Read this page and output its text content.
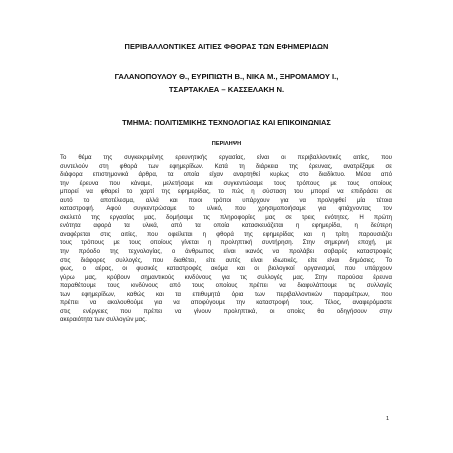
ΠΕΡΙΒΑΛΛΟΝΤΙΚΕΣ ΑΙΤΙΕΣ ΦΘΟΡΑΣ ΤΩΝ ΕΦΗΜΕΡΙΔΩΝ
ΓΑΛΑΝΟΠΟΥΛΟΥ Θ., ΕΥΡΙΠΙΩΤΗ Β., ΝΙΚΑ Μ., ΞΗΡΟΜΑΜΟΥ Ι.,
ΤΣΑΡΤΑΚΛΕΑ – ΚΑΣΣΕΛΑΚΗ Ν.
ΤΜΗΜΑ: ΠΟΛΙΤΙΣΜΙΚΗΣ ΤΕΧΝΟΛΟΓΙΑΣ ΚΑΙ ΕΠΙΚΟΙΝΩΝΙΑΣ
ΠΕΡΙΛΗΨΗ
Το θέμα της συγκεκριμένης ερευνητικής εργασίας, είναι οι περιβαλλοντικές αιτίες, που
συντελούν στη φθορά των εφημερίδων. Κατά τη διάρκεια της έρευνας, ανατρέξαμε σε
διάφορα επιστημονικά άρθρα, τα οποία είχαν αναρτηθεί κυρίως στο διαδίκτυο. Μέσα από
την έρευνα που κάναμε, μελετήσαμε και συγκεντώσαμε τους τρόπους με τους οποίους
μπορεί να φθαρεί το χαρτί της εφημερίδας, το πώς η σύσταση του μπορεί να επιδράσει σε
αυτό το αποτέλεσμα, αλλά και ποιοι τρόποι υπάρχουν για να προληφθεί μία τέτοια
καταστροφή. Αφού συγκεντρώσαμε το υλικό, που χρησιμοποιήσαμε για φτιάχνοντας τον
σκελετό της εργασίας μας, δομήσαμε τις πληροφορίες μας σε τρεις ενότητες. Η πρώτη
ενότητα αφορά τα υλικά, από τα οποία κατασκευάζεται η εφημερίδα, η δεύτερη
αναφέρεται στις αιτίες, που οφείλεται η φθορά της εφημερίδας και η τρίτη παρουσιάζει
τους τρόπους με τους οποίους γίνεται η προληπτική συντήρηση. Στην σημερινή εποχή, με
την πρόοδο της τεχνολογίας, ο άνθρωπος είναι ικανός να προλάβει σοβαρές καταστροφές
στις διάφορες συλλογές, που διαθέτει, είτε αυτές είναι ιδιωτικές, είτε είναι δημόσιες. Το
φως, ο αέρας, οι φυσικές καταστροφές ακόμα και οι βιολογικοί οργανισμοί, που υπάρχουν
γύρω μας, κρύβουν σημαντικούς κινδύνους για τις συλλογές μας. Στην παρούσα έρευνα
παραθέτουμε τους κινδύνους από τους οποίους πρέπει να διαφυλάττουμε τις συλλογές
των εφημερίδων, καθώς και τα επιθυμητά όρια των περιβαλλοντικών παραμέτρων, που
πρέπει να ακολουθούμε για να αποφύγουμε την καταστροφή τους. Τέλος, αναφερόμαστε
στις ενέργειες που πρέπει να γίνουν προληπτικά, οι οποίες θα οδηγήσουν στην
ακεραιότητα των συλλογών μας.
1
